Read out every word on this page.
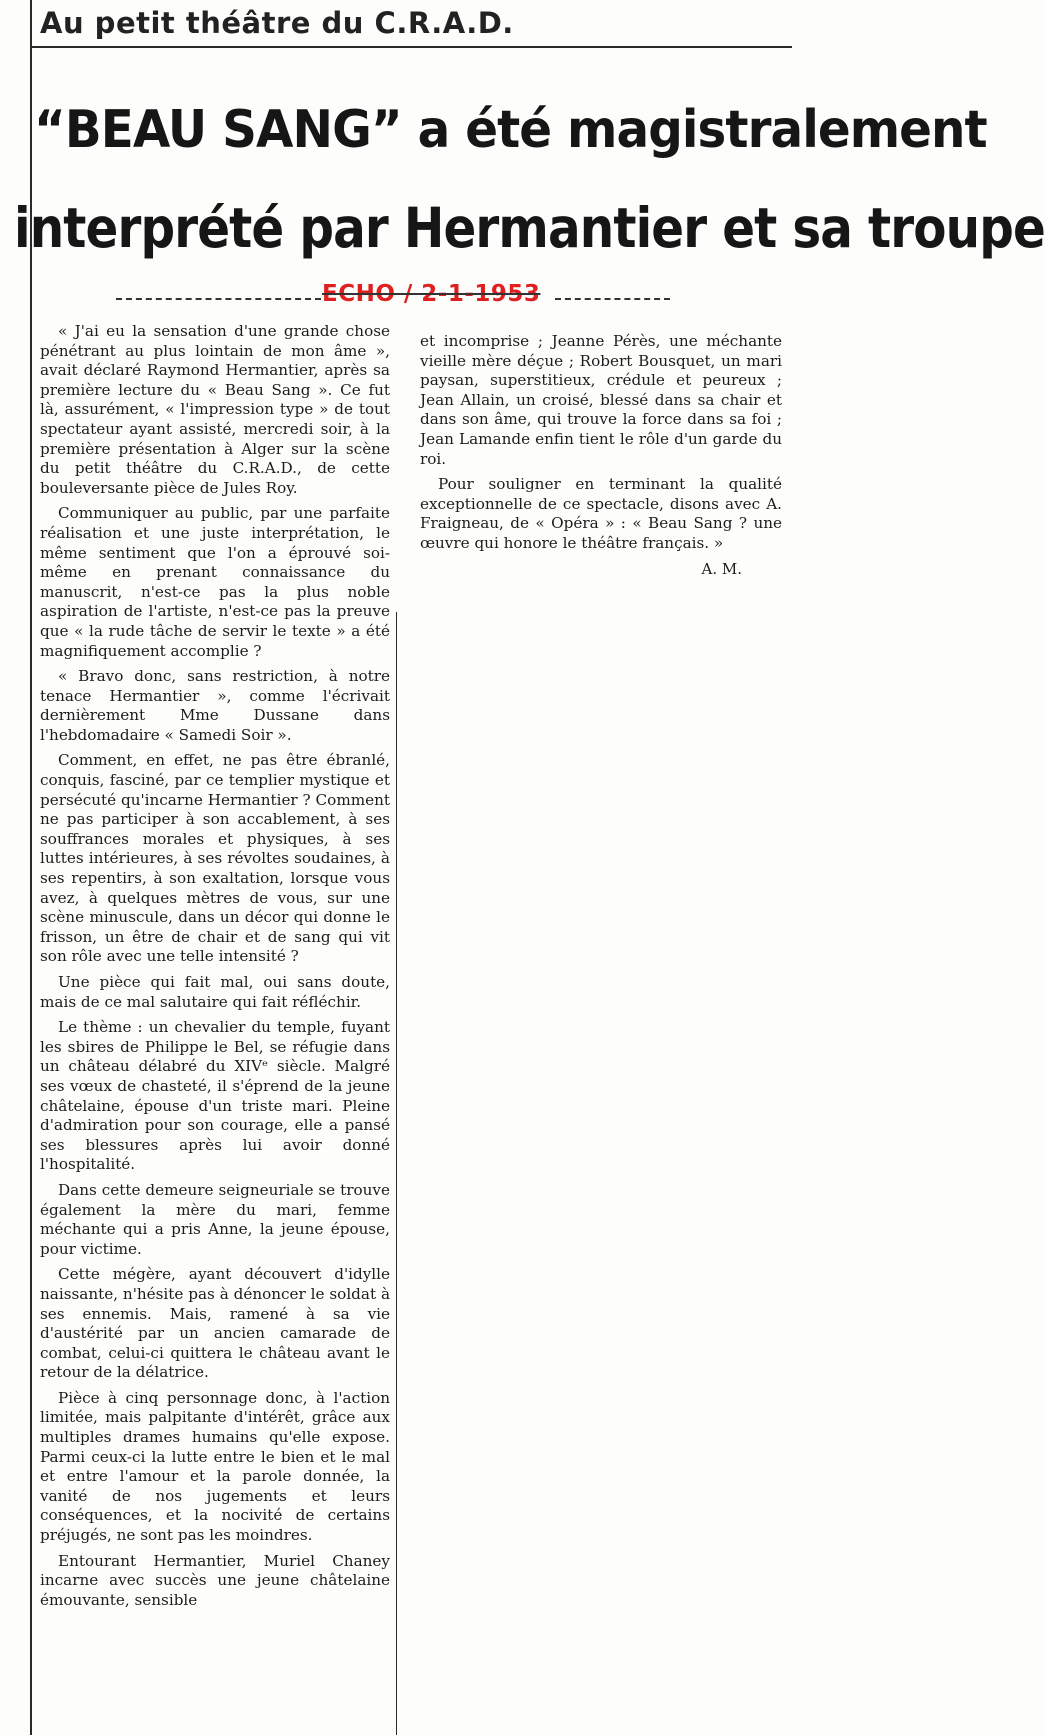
Au petit théâtre du C.R.A.D.
“BEAU SANG” a été magistralement
interprété par Hermantier et sa troupe
ECHO / 2-1-1953

« J'ai eu la sensation d'une grande chose pénétrant au plus lointain de mon âme », avait déclaré Raymond Hermantier, après sa première lecture du « Beau Sang ». Ce fut là, assurément, « l'impression type » de tout spectateur ayant assisté, mercredi soir, à la première présentation à Alger sur la scène du petit théâtre du C.R.A.D., de cette bouleversante pièce de Jules Roy.

Communiquer au public, par une parfaite réalisation et une juste interprétation, le même sentiment que l'on a éprouvé soi-même en prenant connaissance du manuscrit, n'est-ce pas la plus noble aspiration de l'artiste, n'est-ce pas la preuve que « la rude tâche de servir le texte » a été magnifiquement accomplie ?

« Bravo donc, sans restriction, à notre tenace Hermantier », comme l'écrivait dernièrement Mme Dussane dans l'hebdomadaire « Samedi Soir ».

Comment, en effet, ne pas être ébranlé, conquis, fasciné, par ce templier mystique et persécuté qu'incarne Hermantier ? Comment ne pas participer à son accablement, à ses souffrances morales et physiques, à ses luttes intérieures, à ses révoltes soudaines, à ses repentirs, à son exaltation, lorsque vous avez, à quelques mètres de vous, sur une scène minuscule, dans un décor qui donne le frisson, un être de chair et de sang qui vit son rôle avec une telle intensité ?

Une pièce qui fait mal, oui sans doute, mais de ce mal salutaire qui fait réfléchir.

Le thème : un chevalier du temple, fuyant les sbires de Philippe le Bel, se réfugie dans un château délabré du XIVᵉ siècle. Malgré ses vœux de chasteté, il s'éprend de la jeune châtelaine, épouse d'un triste mari. Pleine d'admiration pour son courage, elle a pansé ses blessures après lui avoir donné l'hospitalité.

Dans cette demeure seigneuriale se trouve également la mère du mari, femme méchante qui a pris Anne, la jeune épouse, pour victime.

Cette mégère, ayant découvert d'idylle naissante, n'hésite pas à dénoncer le soldat à ses ennemis. Mais, ramené à sa vie d'austérité par un ancien camarade de combat, celui-ci quittera le château avant le retour de la délatrice.

Pièce à cinq personnage donc, à l'action limitée, mais palpitante d'intérêt, grâce aux multiples drames humains qu'elle expose. Parmi ceux-ci la lutte entre le bien et le mal et entre l'amour et la parole donnée, la vanité de nos jugements et leurs conséquences, et la nocivité de certains préjugés, ne sont pas les moindres.

Entourant Hermantier, Muriel Chaney incarne avec succès une jeune châtelaine émouvante, sensible

et incomprise ; Jeanne Pérès, une méchante vieille mère déçue ; Robert Bousquet, un mari paysan, superstitieux, crédule et peureux ; Jean Allain, un croisé, blessé dans sa chair et dans son âme, qui trouve la force dans sa foi ; Jean Lamande enfin tient le rôle d'un garde du roi.

Pour souligner en terminant la qualité exceptionnelle de ce spectacle, disons avec A. Fraigneau, de « Opéra » : « Beau Sang ? une œuvre qui honore le théâtre français. »

A. M.
